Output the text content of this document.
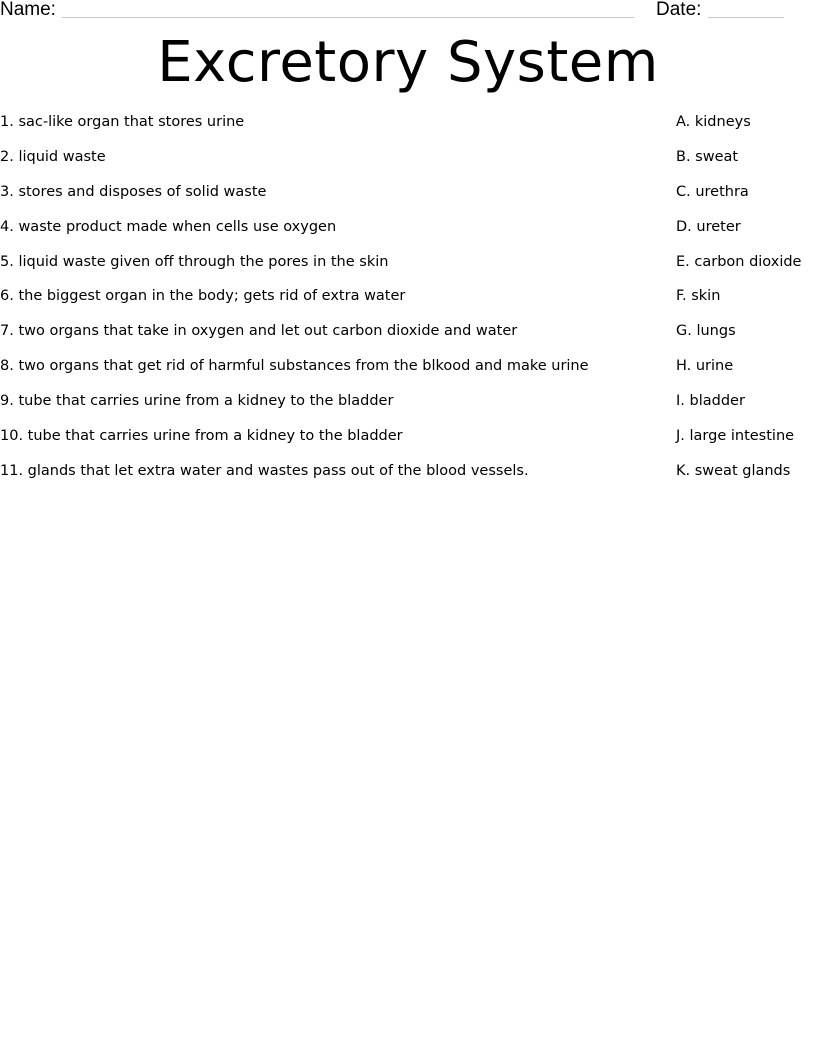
Name:	Date:
Excretory System
1. sac-like organ that stores urine
2. liquid waste
3. stores and disposes of solid waste
4. waste product made when cells use oxygen
5. liquid waste given off through the pores in the skin
6. the biggest organ in the body; gets rid of extra water
7. two organs that take in oxygen and let out carbon dioxide and water
8. two organs that get rid of harmful substances from the blkood and make urine
9. tube that carries urine from a kidney to the bladder
10. tube that carries urine from a kidney to the bladder
11. glands that let extra water and wastes pass out of the blood vessels.
A. kidneys
B. sweat
C. urethra
D. ureter
E. carbon dioxide
F. skin
G. lungs
H. urine
I. bladder
J. large intestine
K. sweat glands
